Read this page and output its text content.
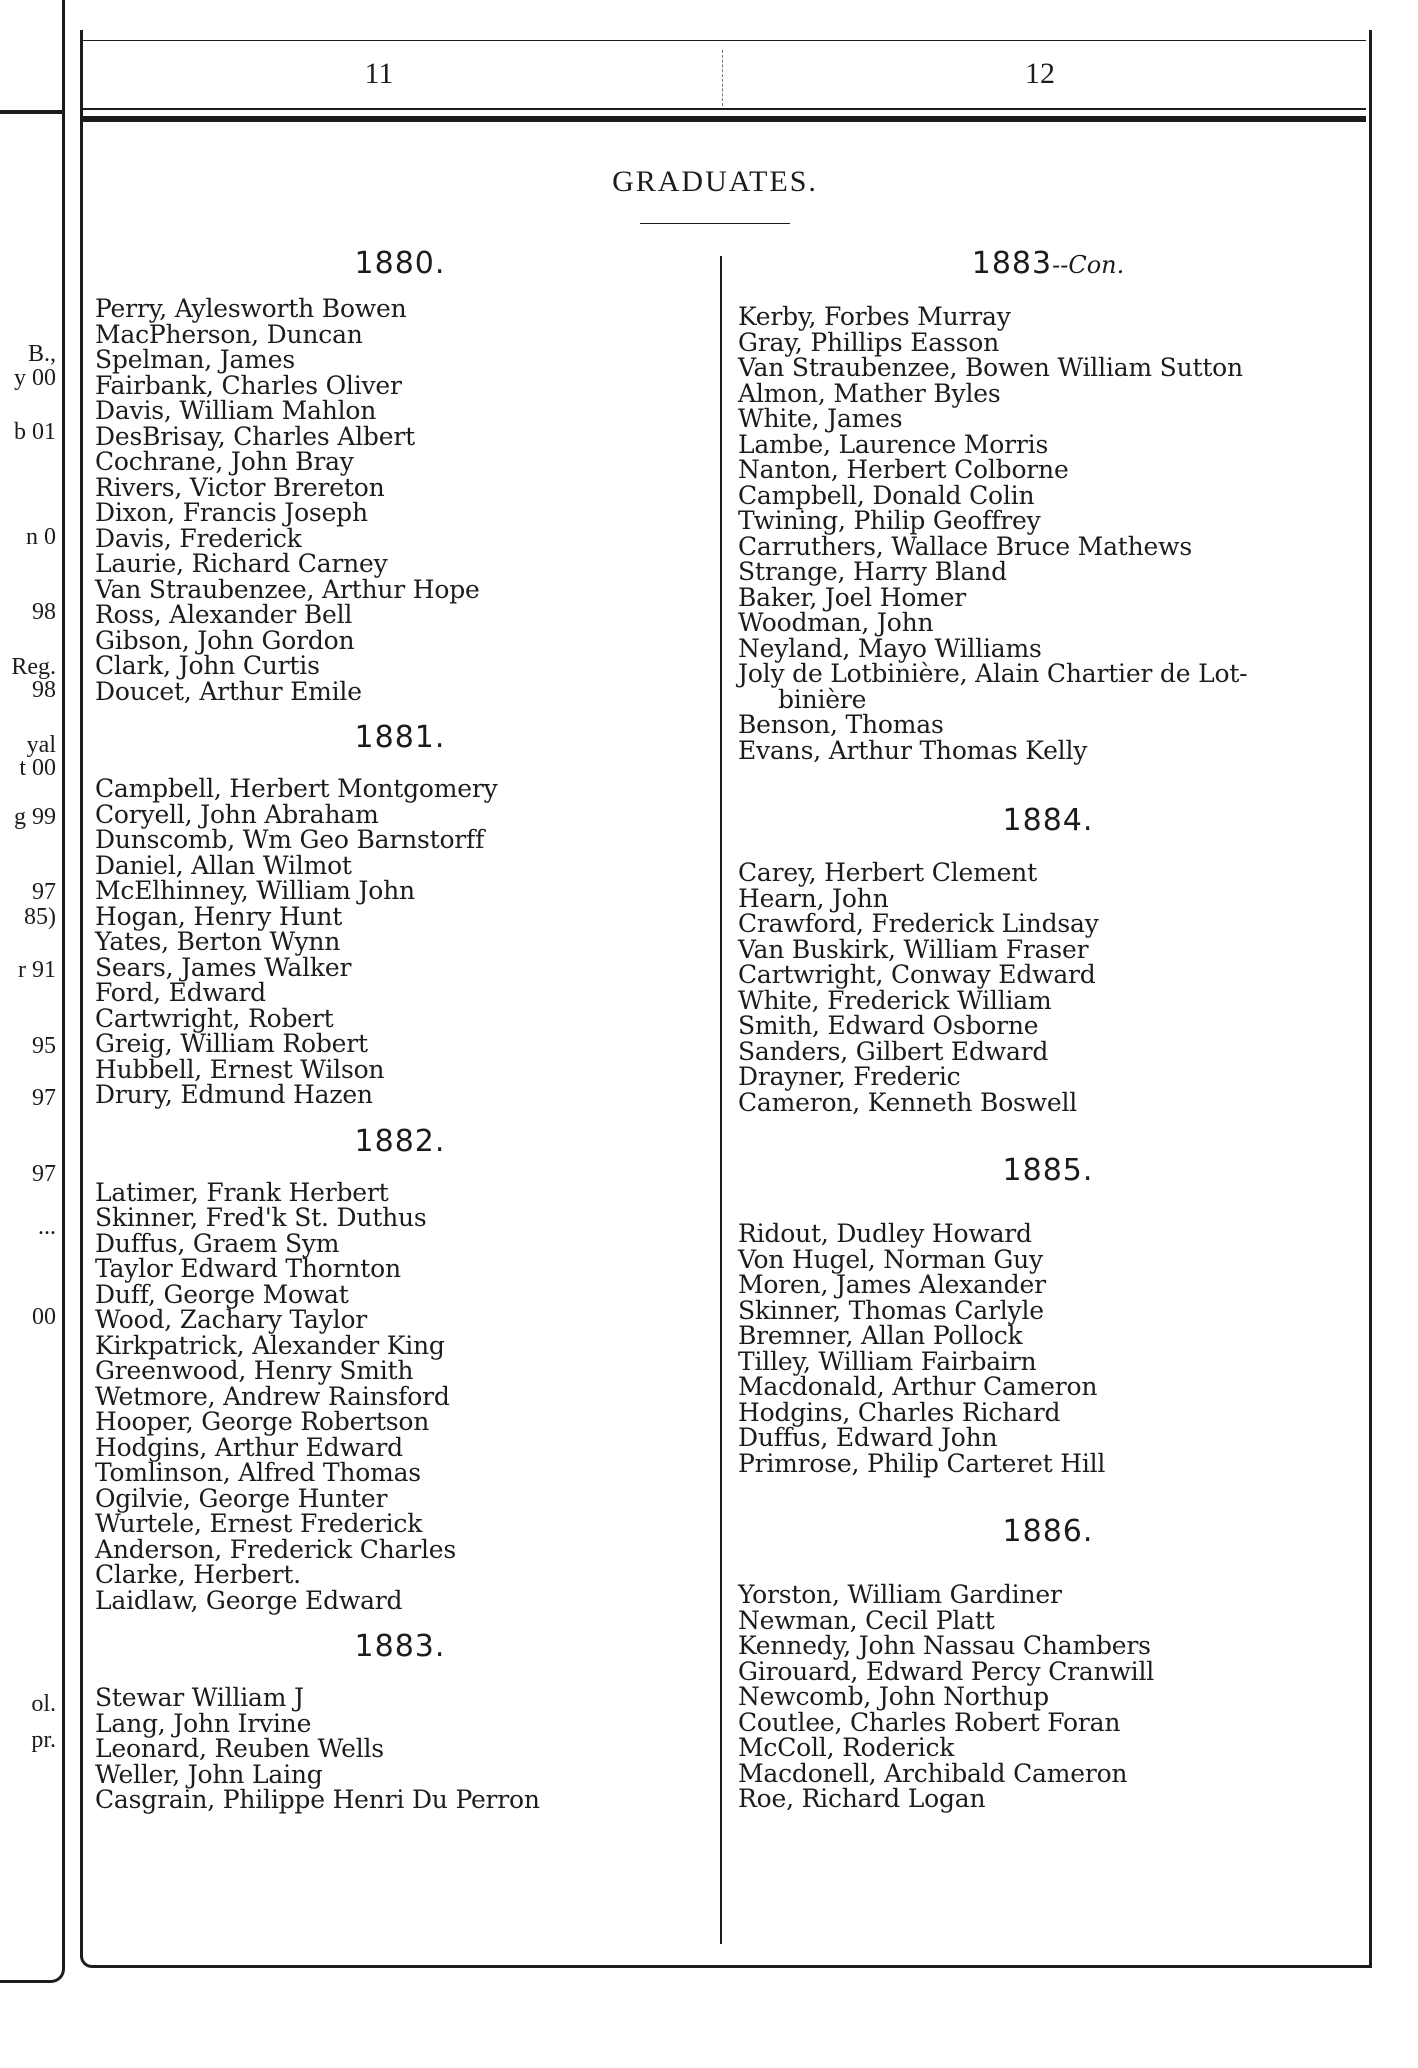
B.,
y 00
b 01
n 0
98
Reg.
98
yal
t 00
g 99
97
85)
r 91
95
97
97
...
00
ol.
pr.
11	12
GRADUATES.
1880.
Perry, Aylesworth Bowen
MacPherson, Duncan
Spelman, James
Fairbank, Charles Oliver
Davis, William Mahlon
DesBrisay, Charles Albert
Cochrane, John Bray
Rivers, Victor Brereton
Dixon, Francis Joseph
Davis, Frederick
Laurie, Richard Carney
Van Straubenzee, Arthur Hope
Ross, Alexander Bell
Gibson, John Gordon
Clark, John Curtis
Doucet, Arthur Emile
1881.
Campbell, Herbert Montgomery
Coryell, John Abraham
Dunscomb, Wm Geo Barnstorff
Daniel, Allan Wilmot
McElhinney, William John
Hogan, Henry Hunt
Yates, Berton Wynn
Sears, James Walker
Ford, Edward
Cartwright, Robert
Greig, William Robert
Hubbell, Ernest Wilson
Drury, Edmund Hazen
1882.
Latimer, Frank Herbert
Skinner, Fred'k St. Duthus
Duffus, Graem Sym
Taylor Edward Thornton
Duff, George Mowat
Wood, Zachary Taylor
Kirkpatrick, Alexander King
Greenwood, Henry Smith
Wetmore, Andrew Rainsford
Hooper, George Robertson
Hodgins, Arthur Edward
Tomlinson, Alfred Thomas
Ogilvie, George Hunter
Wurtele, Ernest Frederick
Anderson, Frederick Charles
Clarke, Herbert.
Laidlaw, George Edward
1883.
Stewar William J
Lang, John Irvine
Leonard, Reuben Wells
Weller, John Laing
Casgrain, Philippe Henri Du Perron
1883--Con.
Kerby, Forbes Murray
Gray, Phillips Easson
Van Straubenzee, Bowen William Sutton
Almon, Mather Byles
White, James
Lambe, Laurence Morris
Nanton, Herbert Colborne
Campbell, Donald Colin
Twining, Philip Geoffrey
Carruthers, Wallace Bruce Mathews
Strange, Harry Bland
Baker, Joel Homer
Woodman, John
Neyland, Mayo Williams
Joly de Lotbinière, Alain Chartier de Lot-
binière
Benson, Thomas
Evans, Arthur Thomas Kelly
1884.
Carey, Herbert Clement
Hearn, John
Crawford, Frederick Lindsay
Van Buskirk, William Fraser
Cartwright, Conway Edward
White, Frederick William
Smith, Edward Osborne
Sanders, Gilbert Edward
Drayner, Frederic
Cameron, Kenneth Boswell
1885.
Ridout, Dudley Howard
Von Hugel, Norman Guy
Moren, James Alexander
Skinner, Thomas Carlyle
Bremner, Allan Pollock
Tilley, William Fairbairn
Macdonald, Arthur Cameron
Hodgins, Charles Richard
Duffus, Edward John
Primrose, Philip Carteret Hill
1886.
Yorston, William Gardiner
Newman, Cecil Platt
Kennedy, John Nassau Chambers
Girouard, Edward Percy Cranwill
Newcomb, John Northup
Coutlee, Charles Robert Foran
McColl, Roderick
Macdonell, Archibald Cameron
Roe, Richard Logan
